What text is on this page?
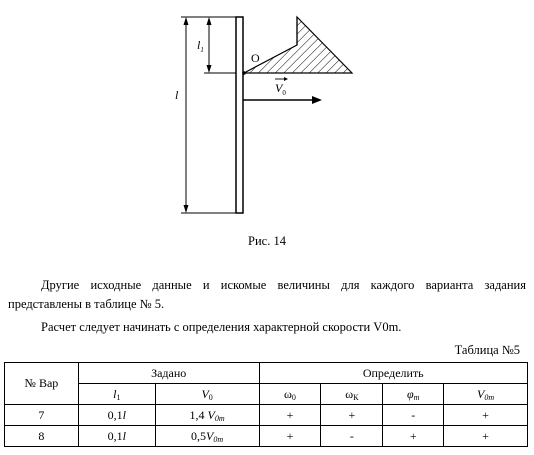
O
$l_1$
l	$V_0$
Рис. 14
Другие исходные данные и искомые величины для каждого варианта задания представлены в таблице № 5.
Расчет следует начинать с определения характерной скорости V0m.
Таблица №5
№ Вар	Задано		Определить			
	$l_1$	$V_0$	$\omega_0$	$\omega_К$	$\varphi_m$	$V_{0m}$
7	0,1l	1,4 $V_{0m}$	+	+	-	+
8	0,1l	$0,5V_{0m}$	+	-	+	+
